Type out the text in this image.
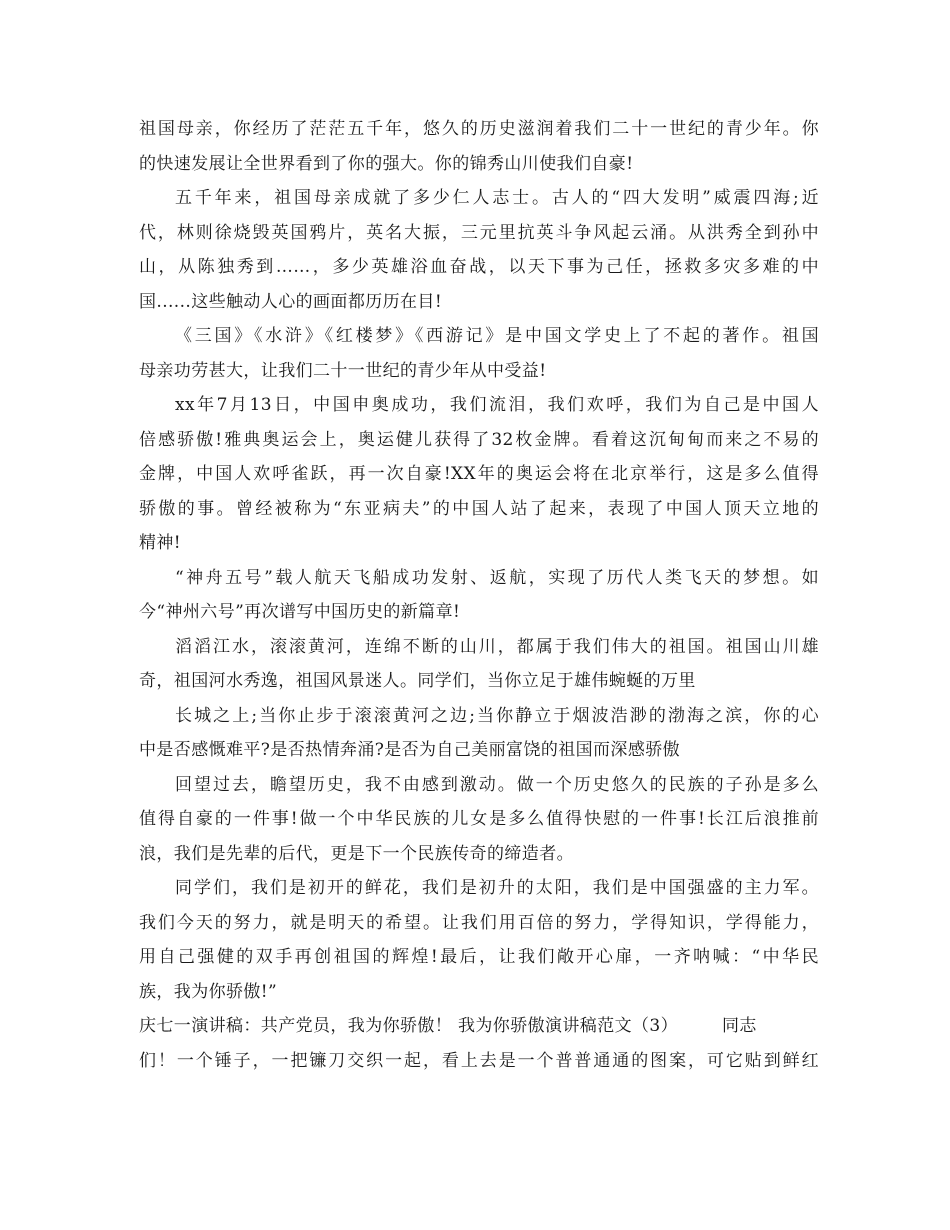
祖国母亲，你经历了茫茫五千年，悠久的历史滋润着我们二十一世纪的青少年。你
的快速发展让全世界看到了你的强大。你的锦秀山川使我们自豪!
五千年来，祖国母亲成就了多少仁人志士。古人的“四大发明”威震四海;近
代，林则徐烧毁英国鸦片，英名大振，三元里抗英斗争风起云涌。从洪秀全到孙中
山，从陈独秀到……，多少英雄浴血奋战，以天下事为己任，拯救多灾多难的中
国......这些触动人心的画面都历历在目!
《三国》《水浒》《红楼梦》《西游记》是中国文学史上了不起的著作。祖国
母亲功劳甚大，让我们二十一世纪的青少年从中受益!
xx年7月13日，中国申奥成功，我们流泪，我们欢呼，我们为自己是中国人
倍感骄傲!雅典奥运会上，奥运健儿获得了32枚金牌。看着这沉甸甸而来之不易的
金牌，中国人欢呼雀跃，再一次自豪!XX年的奥运会将在北京举行，这是多么值得
骄傲的事。曾经被称为“东亚病夫”的中国人站了起来，表现了中国人顶天立地的
精神!
“神舟五号”载人航天飞船成功发射、返航，实现了历代人类飞天的梦想。如
今“神州六号”再次谱写中国历史的新篇章!
滔滔江水，滚滚黄河，连绵不断的山川，都属于我们伟大的祖国。祖国山川雄
奇，祖国河水秀逸，祖国风景迷人。同学们，当你立足于雄伟蜿蜒的万里
长城之上;当你止步于滚滚黄河之边;当你静立于烟波浩渺的渤海之滨，你的心
中是否感慨难平?是否热情奔涌?是否为自己美丽富饶的祖国而深感骄傲
回望过去，瞻望历史，我不由感到激动。做一个历史悠久的民族的子孙是多么
值得自豪的一件事!做一个中华民族的儿女是多么值得快慰的一件事!长江后浪推前
浪，我们是先辈的后代，更是下一个民族传奇的缔造者。
同学们，我们是初开的鲜花，我们是初升的太阳，我们是中国强盛的主力军。
我们今天的努力，就是明天的希望。让我们用百倍的努力，学得知识，学得能力，
用自己强健的双手再创祖国的辉煌!最后，让我们敞开心扉，一齐呐喊：“中华民
族，我为你骄傲!”
庆七一演讲稿：共产党员，我为你骄傲！ 我为你骄傲演讲稿范文（3）	同志
们！一个锤子，一把镰刀交织一起，看上去是一个普普通通的图案，可它贴到鲜红
